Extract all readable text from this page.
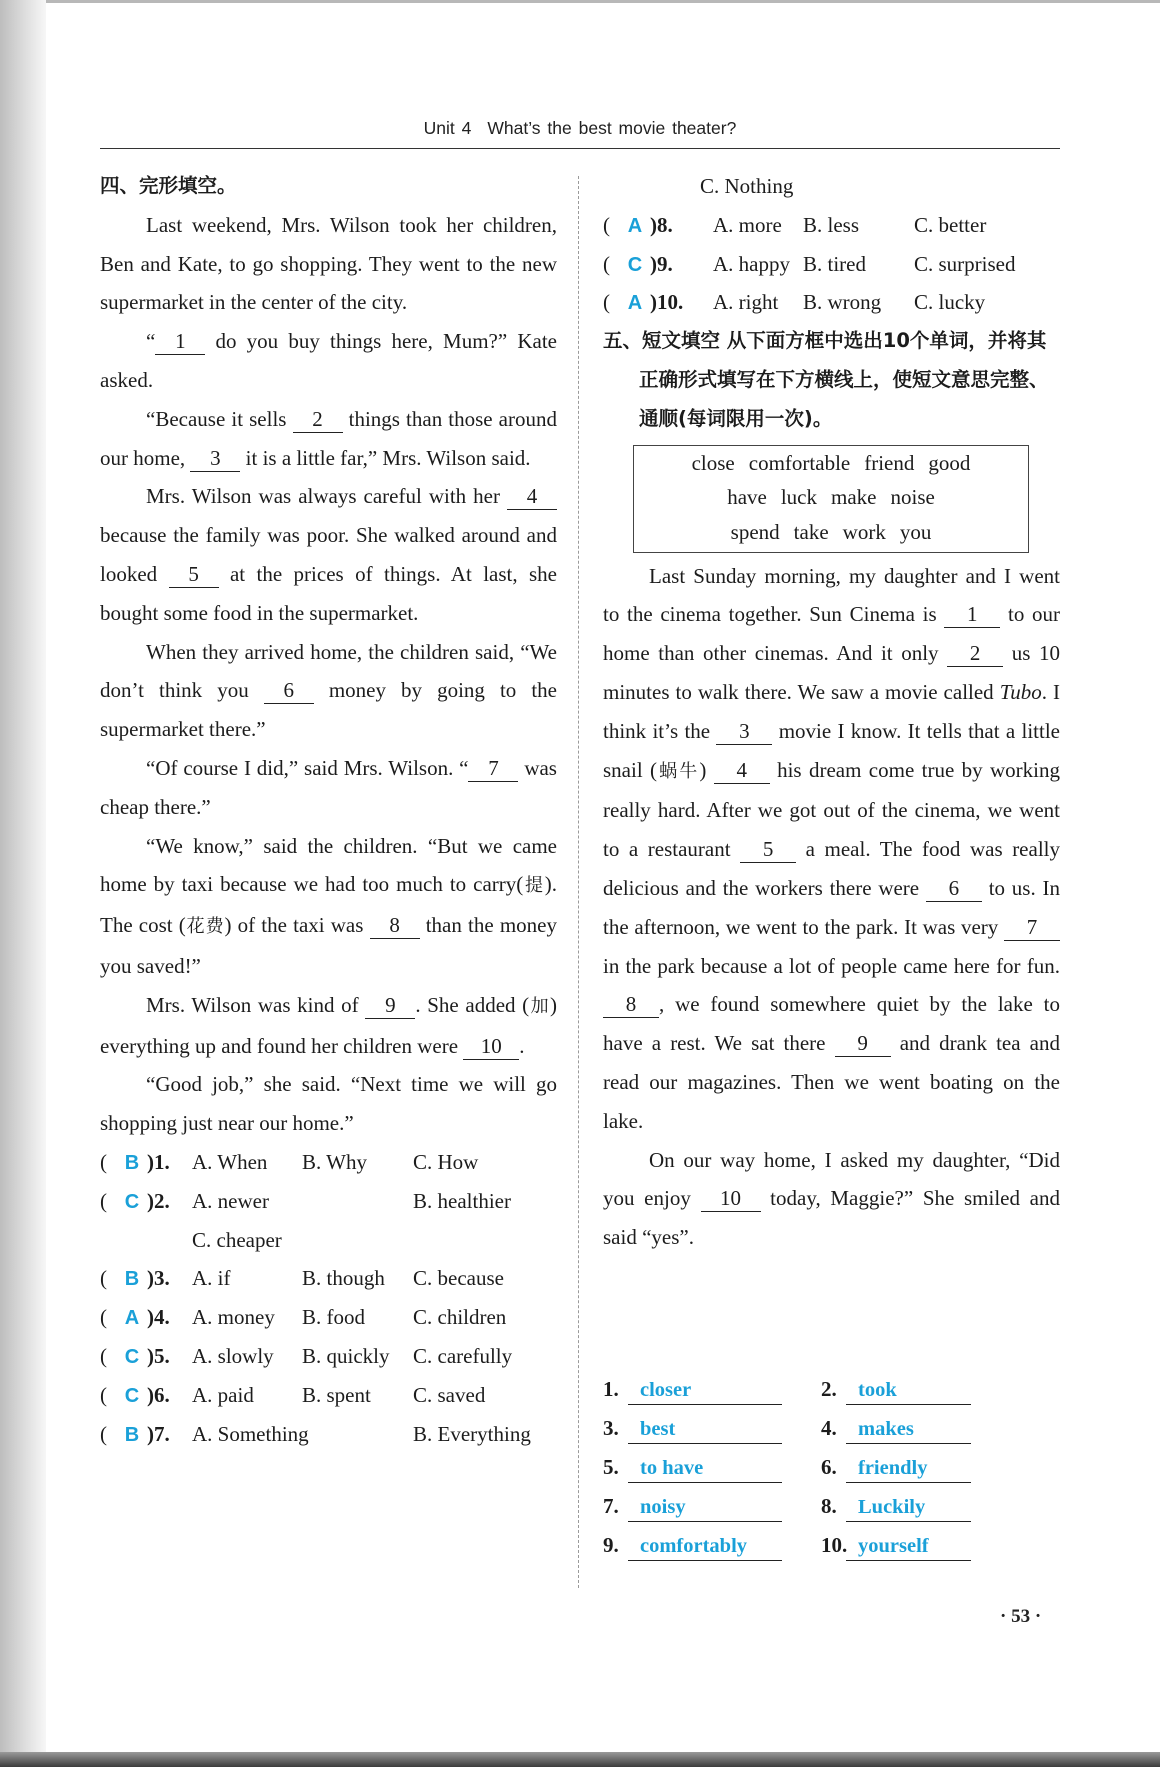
Unit 4 What’s the best movie theater?
四、完形填空。
Last weekend, Mrs. Wilson took her children, Ben and Kate, to go shopping. They went to the new supermarket in the center of the city.
“ 1 do you buy things here, Mum?” Kate asked.
“Because it sells 2 things than those around our home, 3 it is a little far,” Mrs. Wilson said.
Mrs. Wilson was always careful with her 4 because the family was poor. She walked around and looked 5 at the prices of things. At last, she bought some food in the supermarket.
When they arrived home, the children said, “We don’t think you 6 money by going to the supermarket there.”
“Of course I did,” said Mrs. Wilson. “ 7 was cheap there.”
“We know,” said the children. “But we came home by taxi because we had too much to carry(提). The cost (花费) of the taxi was 8 than the money you saved!”
Mrs. Wilson was kind of 9 . She added (加) everything up and found her children were 10 .
“Good job,” she said. “Next time we will go shopping just near our home.”
( B )1. A. When B. Why C. How
( C )2. A. newer	B. healthier
C. cheaper
( B )3. A. if	B. though C. because
( A )4. A. money B. food C. children
( C )5. A. slowly B. quickly C. carefully
( C )6. A. paid B. spent C. saved
( B )7. A. Something	B. Everything
C. Nothing
( A )8. A. more B. less	C. better
( C )9. A. happy B. tired C. surprised
( A )10. A. right B. wrong C. lucky
五、短文填空 从下面方框中选出10个单词，并将其正确形式填写在下方横线上，使短文意思完整、通顺(每词限用一次)。
close comfortable friend good
have luck make noise
spend take work you
Last Sunday morning, my daughter and I went to the cinema together. Sun Cinema is 1 to our home than other cinemas. And it only 2 us 10 minutes to walk there. We saw a movie called Tubo. I think it’s the 3 movie I know. It tells that a little snail (蜗牛) 4 his dream come true by working really hard. After we got out of the cinema, we went to a restaurant 5 a meal. The food was really delicious and the workers there were 6 to us. In the afternoon, we went to the park. It was very 7 in the park because a lot of people came here for fun. 8 , we found somewhere quiet by the lake to have a rest. We sat there 9 and drank tea and read our magazines. Then we went boating on the lake.
On our way home, I asked my daughter, “Did you enjoy 10 today, Maggie?” She smiled and said “yes”.
1. closer	2. took
3. best	4. makes
5. to have	6. friendly
7. noisy	8. Luckily
9. comfortably	10. yourself
· 53 ·
